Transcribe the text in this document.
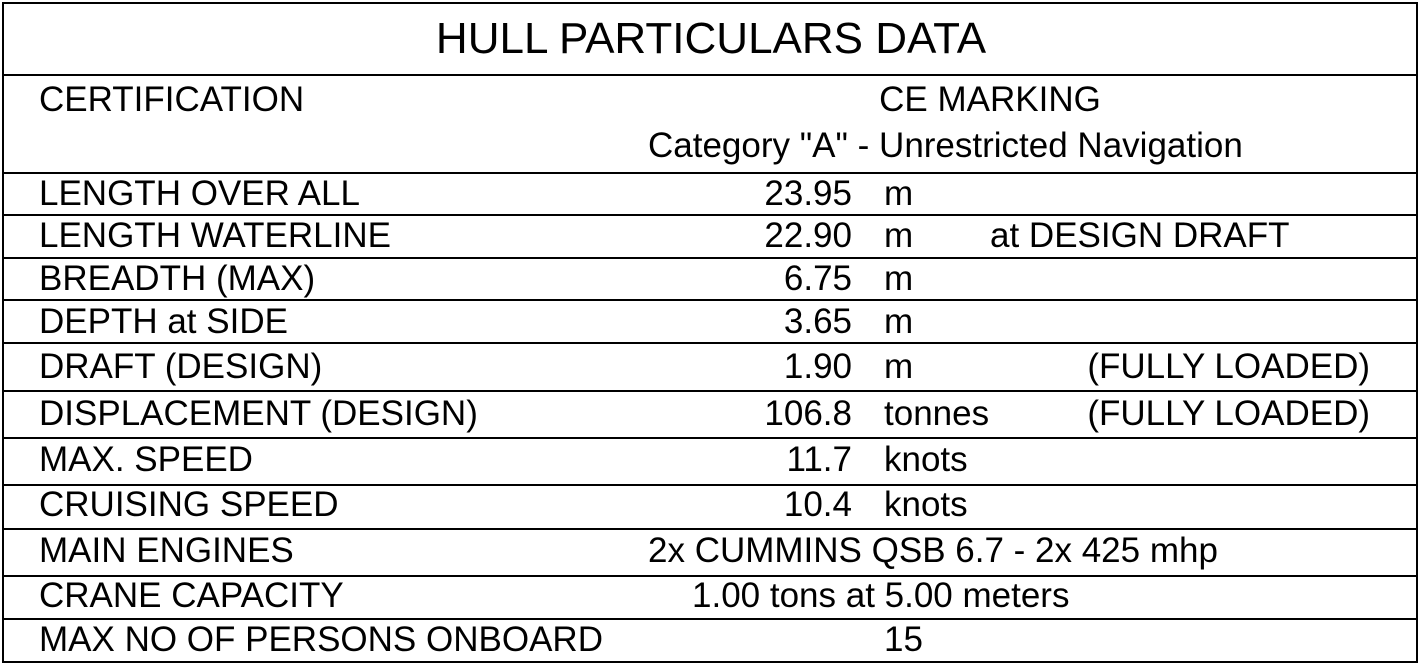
HULL PARTICULARS DATA
CERTIFICATION	CE MARKING
Category "A" - Unrestricted Navigation
LENGTH OVER ALL	23.95 m
LENGTH WATERLINE	22.90 m at DESIGN DRAFT
BREADTH (MAX)	6.75 m
DEPTH at SIDE	3.65 m
DRAFT (DESIGN)	1.90 m	(FULLY LOADED)
DISPLACEMENT (DESIGN)	106.8 tonnes	(FULLY LOADED)
MAX. SPEED	11.7 knots
CRUISING SPEED	10.4 knots
MAIN ENGINES	2x CUMMINS QSB 6.7 - 2x 425 mhp
CRANE CAPACITY	1.00 tons at 5.00 meters
MAX NO OF PERSONS ONBOARD	15
